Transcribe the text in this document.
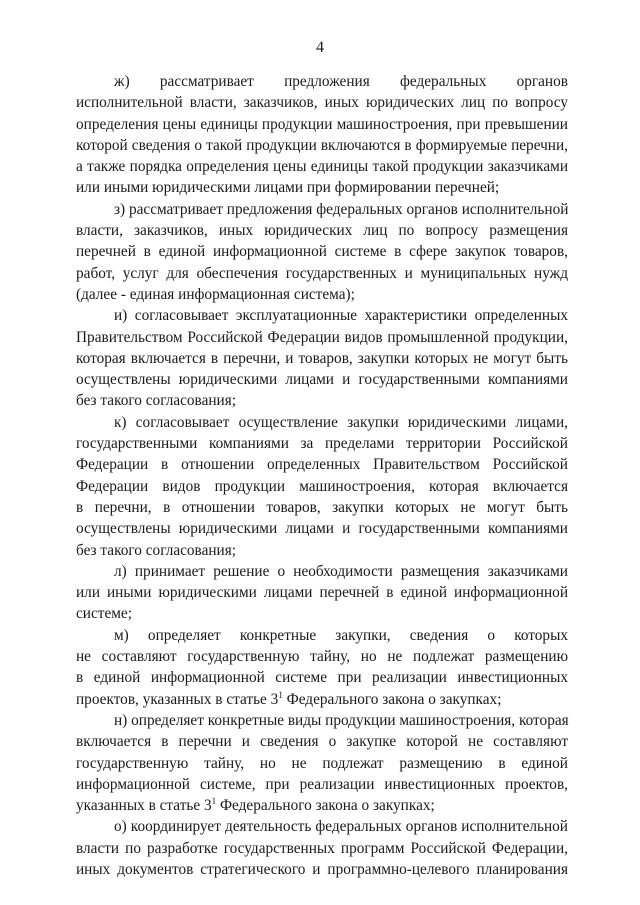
4

ж) рассматривает предложения федеральных органов
исполнительной власти, заказчиков, иных юридических лиц по вопросу
определения цены единицы продукции машиностроения, при превышении
которой сведения о такой продукции включаются в формируемые перечни,
а также порядка определения цены единицы такой продукции заказчиками
или иными юридическими лицами при формировании перечней;

з) рассматривает предложения федеральных органов исполнительной
власти, заказчиков, иных юридических лиц по вопросу размещения
перечней в единой информационной системе в сфере закупок товаров,
работ, услуг для обеспечения государственных и муниципальных нужд
(далее - единая информационная система);

и) согласовывает эксплуатационные характеристики определенных
Правительством Российской Федерации видов промышленной продукции,
которая включается в перечни, и товаров, закупки которых не могут быть
осуществлены юридическими лицами и государственными компаниями
без такого согласования;

к) согласовывает осуществление закупки юридическими лицами,
государственными компаниями за пределами территории Российской
Федерации в отношении определенных Правительством Российской
Федерации видов продукции машиностроения, которая включается
в перечни, в отношении товаров, закупки которых не могут быть
осуществлены юридическими лицами и государственными компаниями
без такого согласования;

л) принимает решение о необходимости размещения заказчиками
или иными юридическими лицами перечней в единой информационной
системе;

м) определяет конкретные закупки, сведения о которых
не составляют государственную тайну, но не подлежат размещению
в единой информационной системе при реализации инвестиционных
проектов, указанных в статье $3^1$ Федерального закона о закупках;

н) определяет конкретные виды продукции машиностроения, которая
включается в перечни и сведения о закупке которой не составляют
государственную тайну, но не подлежат размещению в единой
информационной системе, при реализации инвестиционных проектов,
указанных в статье $3^1$ Федерального закона о закупках;

о) координирует деятельность федеральных органов исполнительной
власти по разработке государственных программ Российской Федерации,
иных документов стратегического и программно-целевого планирования
